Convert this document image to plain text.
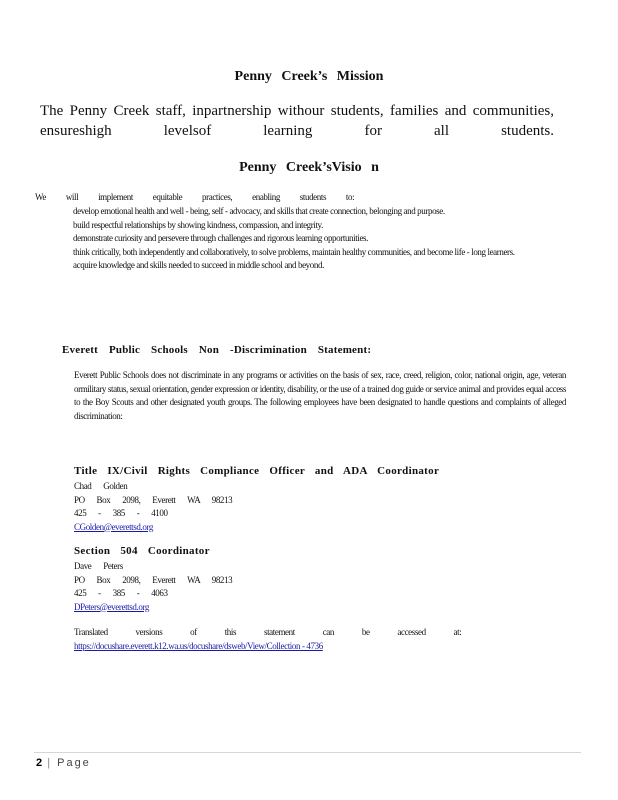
Penny Creek’s Mission
The Penny Creek staff, inpartnership withour students, families and communities, ensureshigh levelsof learning for all students.
Penny Creek’sVisio n
We will implement equitable practices, enabling students to:
develop emotional health and well - being, self - advocacy, and skills that create connection, belonging and purpose.
build respectful relationships by showing kindness, compassion, and integrity.
demonstrate curiosity and persevere through challenges and rigorous learning opportunities.
think critically, both independently and collaboratively, to solve problems, maintain healthy communities, and become life - long learners.
acquire knowledge and skills needed to succeed in middle school and beyond.
Everett Public Schools Non -Discrimination Statement:
Everett Public Schools does not discriminate in any programs or activities on the basis of sex, race, creed, religion, color, national origin, age, veteran ormilitary status, sexual orientation, gender expression or identity, disability, or the use of a trained dog guide or service animal and provides equal access to the Boy Scouts and other designated youth groups. The following employees have been designated to handle questions and complaints of alleged discrimination:
Title IX/Civil Rights Compliance Officer and ADA Coordinator
Chad Golden
PO Box 2098, Everett WA 98213
425 - 385 - 4100
CGolden@everettsd.org
Section 504 Coordinator
Dave Peters
PO Box 2098, Everett WA 98213
425 - 385 - 4063
DPeters@everettsd.org
Translated versions of this statement can be accessed at:
https://docushare.everett.k12.wa.us/docushare/dsweb/View/Collection - 4736
2 | Page
